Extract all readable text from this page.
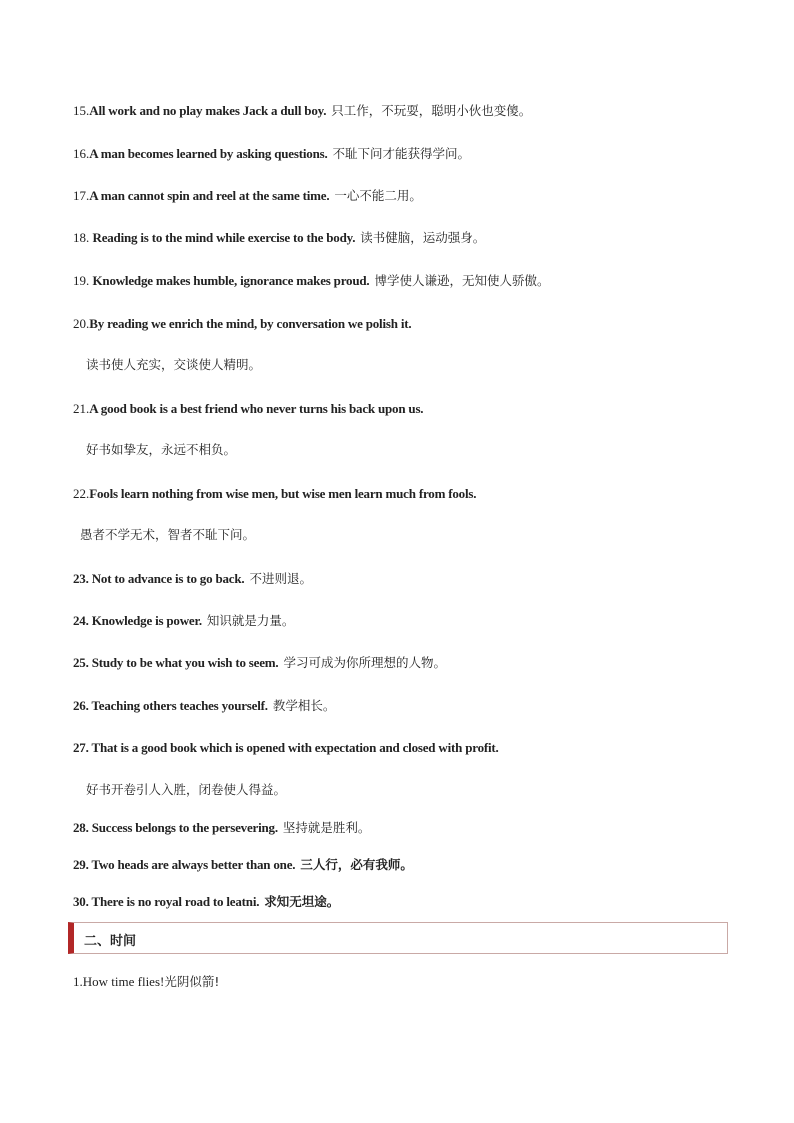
15.All work and no play makes Jack a dull boy. 只工作，不玩耍，聪明小伙也变傻。
16.A man becomes learned by asking questions. 不耻下问才能获得学问。
17.A man cannot spin and reel at the same time. 一心不能二用。
18. Reading is to the mind while exercise to the body. 读书健脑，运动强身。
19. Knowledge makes humble, ignorance makes proud. 博学使人谦逊，无知使人骄傲。
20.By reading we enrich the mind, by conversation we polish it.
读书使人充实，交谈使人精明。
21.A good book is a best friend who never turns his back upon us.
好书如挚友，永远不相负。
22.Fools learn nothing from wise men, but wise men learn much from fools.
愚者不学无术，智者不耻下问。
23. Not to advance is to go back. 不进则退。
24. Knowledge is power. 知识就是力量。
25. Study to be what you wish to seem. 学习可成为你所理想的人物。
26. Teaching others teaches yourself. 教学相长。
27. That is a good book which is opened with expectation and closed with profit.
好书开卷引人入胜，闭卷使人得益。
28. Success belongs to the persevering. 坚持就是胜利。
29. Two heads are always better than one. 三人行，必有我师。
30. There is no royal road to leatni. 求知无坦途。
二、时间
1.How time flies!光阴似箭!
